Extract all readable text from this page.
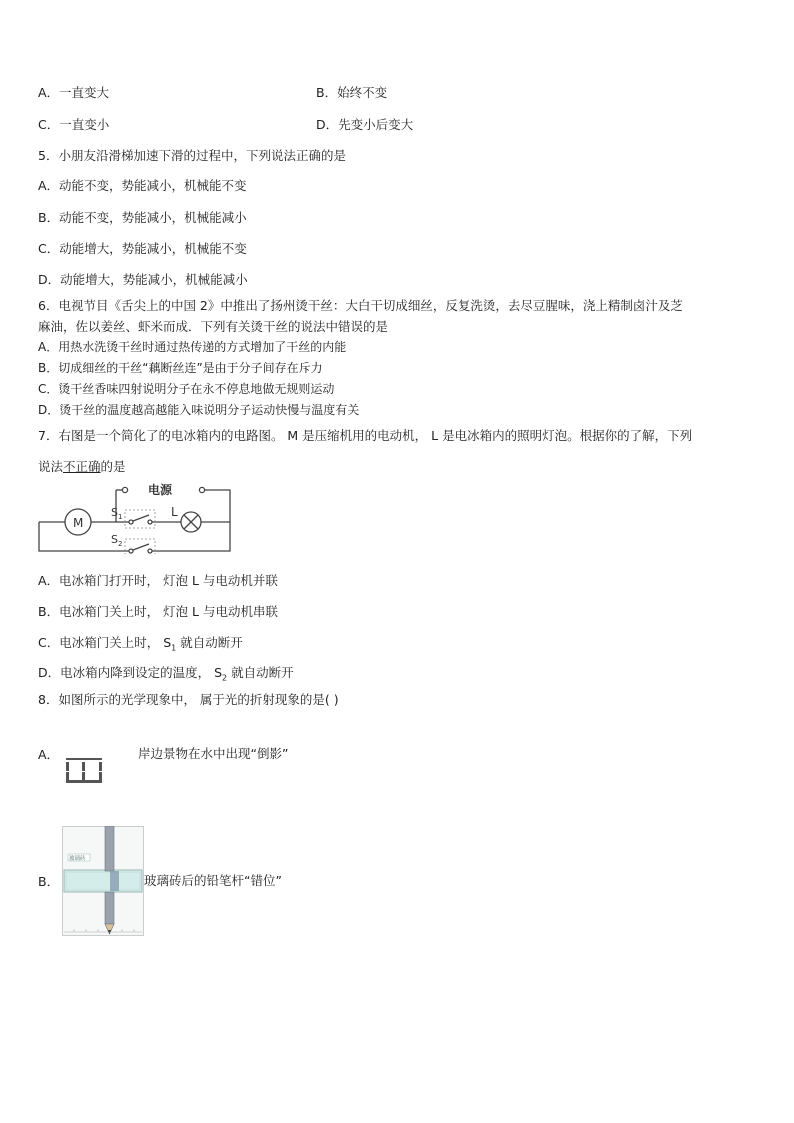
A．一直变大	B．始终不变
C．一直变小	D．先变小后变大
5．小朋友沿滑梯加速下滑的过程中，下列说法正确的是
A．动能不变，势能减小，机械能不变
B．动能不变，势能减小，机械能减小
C．动能增大，势能减小，机械能不变
D．动能增大，势能减小，机械能减小
6．电视节目《舌尖上的中国 2》中推出了扬州烫干丝：大白干切成细丝，反复洗烫，去尽豆腥味，浇上精制卤汁及芝
麻油，佐以姜丝、虾米而成．下列有关烫干丝的说法中错误的是
A．用热水洗烫干丝时通过热传递的方式增加了干丝的内能
B．切成细丝的干丝“藕断丝连”是由于分子间存在斥力
C．烫干丝香味四射说明分子在永不停息地做无规则运动
D．烫干丝的温度越高越能入味说明分子运动快慢与温度有关
7．右图是一个简化了的电冰箱内的电路图。 M 是压缩机用的电动机， L 是电冰箱内的照明灯泡。根据你的了解，下列
说法不正确的是
电源
M
L
$S_1$
$S_2$
A．电冰箱门打开时， 灯泡 L 与电动机并联
B．电冰箱门关上时， 灯泡 L 与电动机串联
C．电冰箱门关上时， $S_1$ 就自动断开
D．电冰箱内降到设定的温度， $S_2$ 就自动断开
8．如图所示的光学现象中， 属于光的折射现象的是( )
A．	岸边景物在水中出现“倒影”
B．
玻璃砖
玻璃砖后的铅笔杆“错位”
